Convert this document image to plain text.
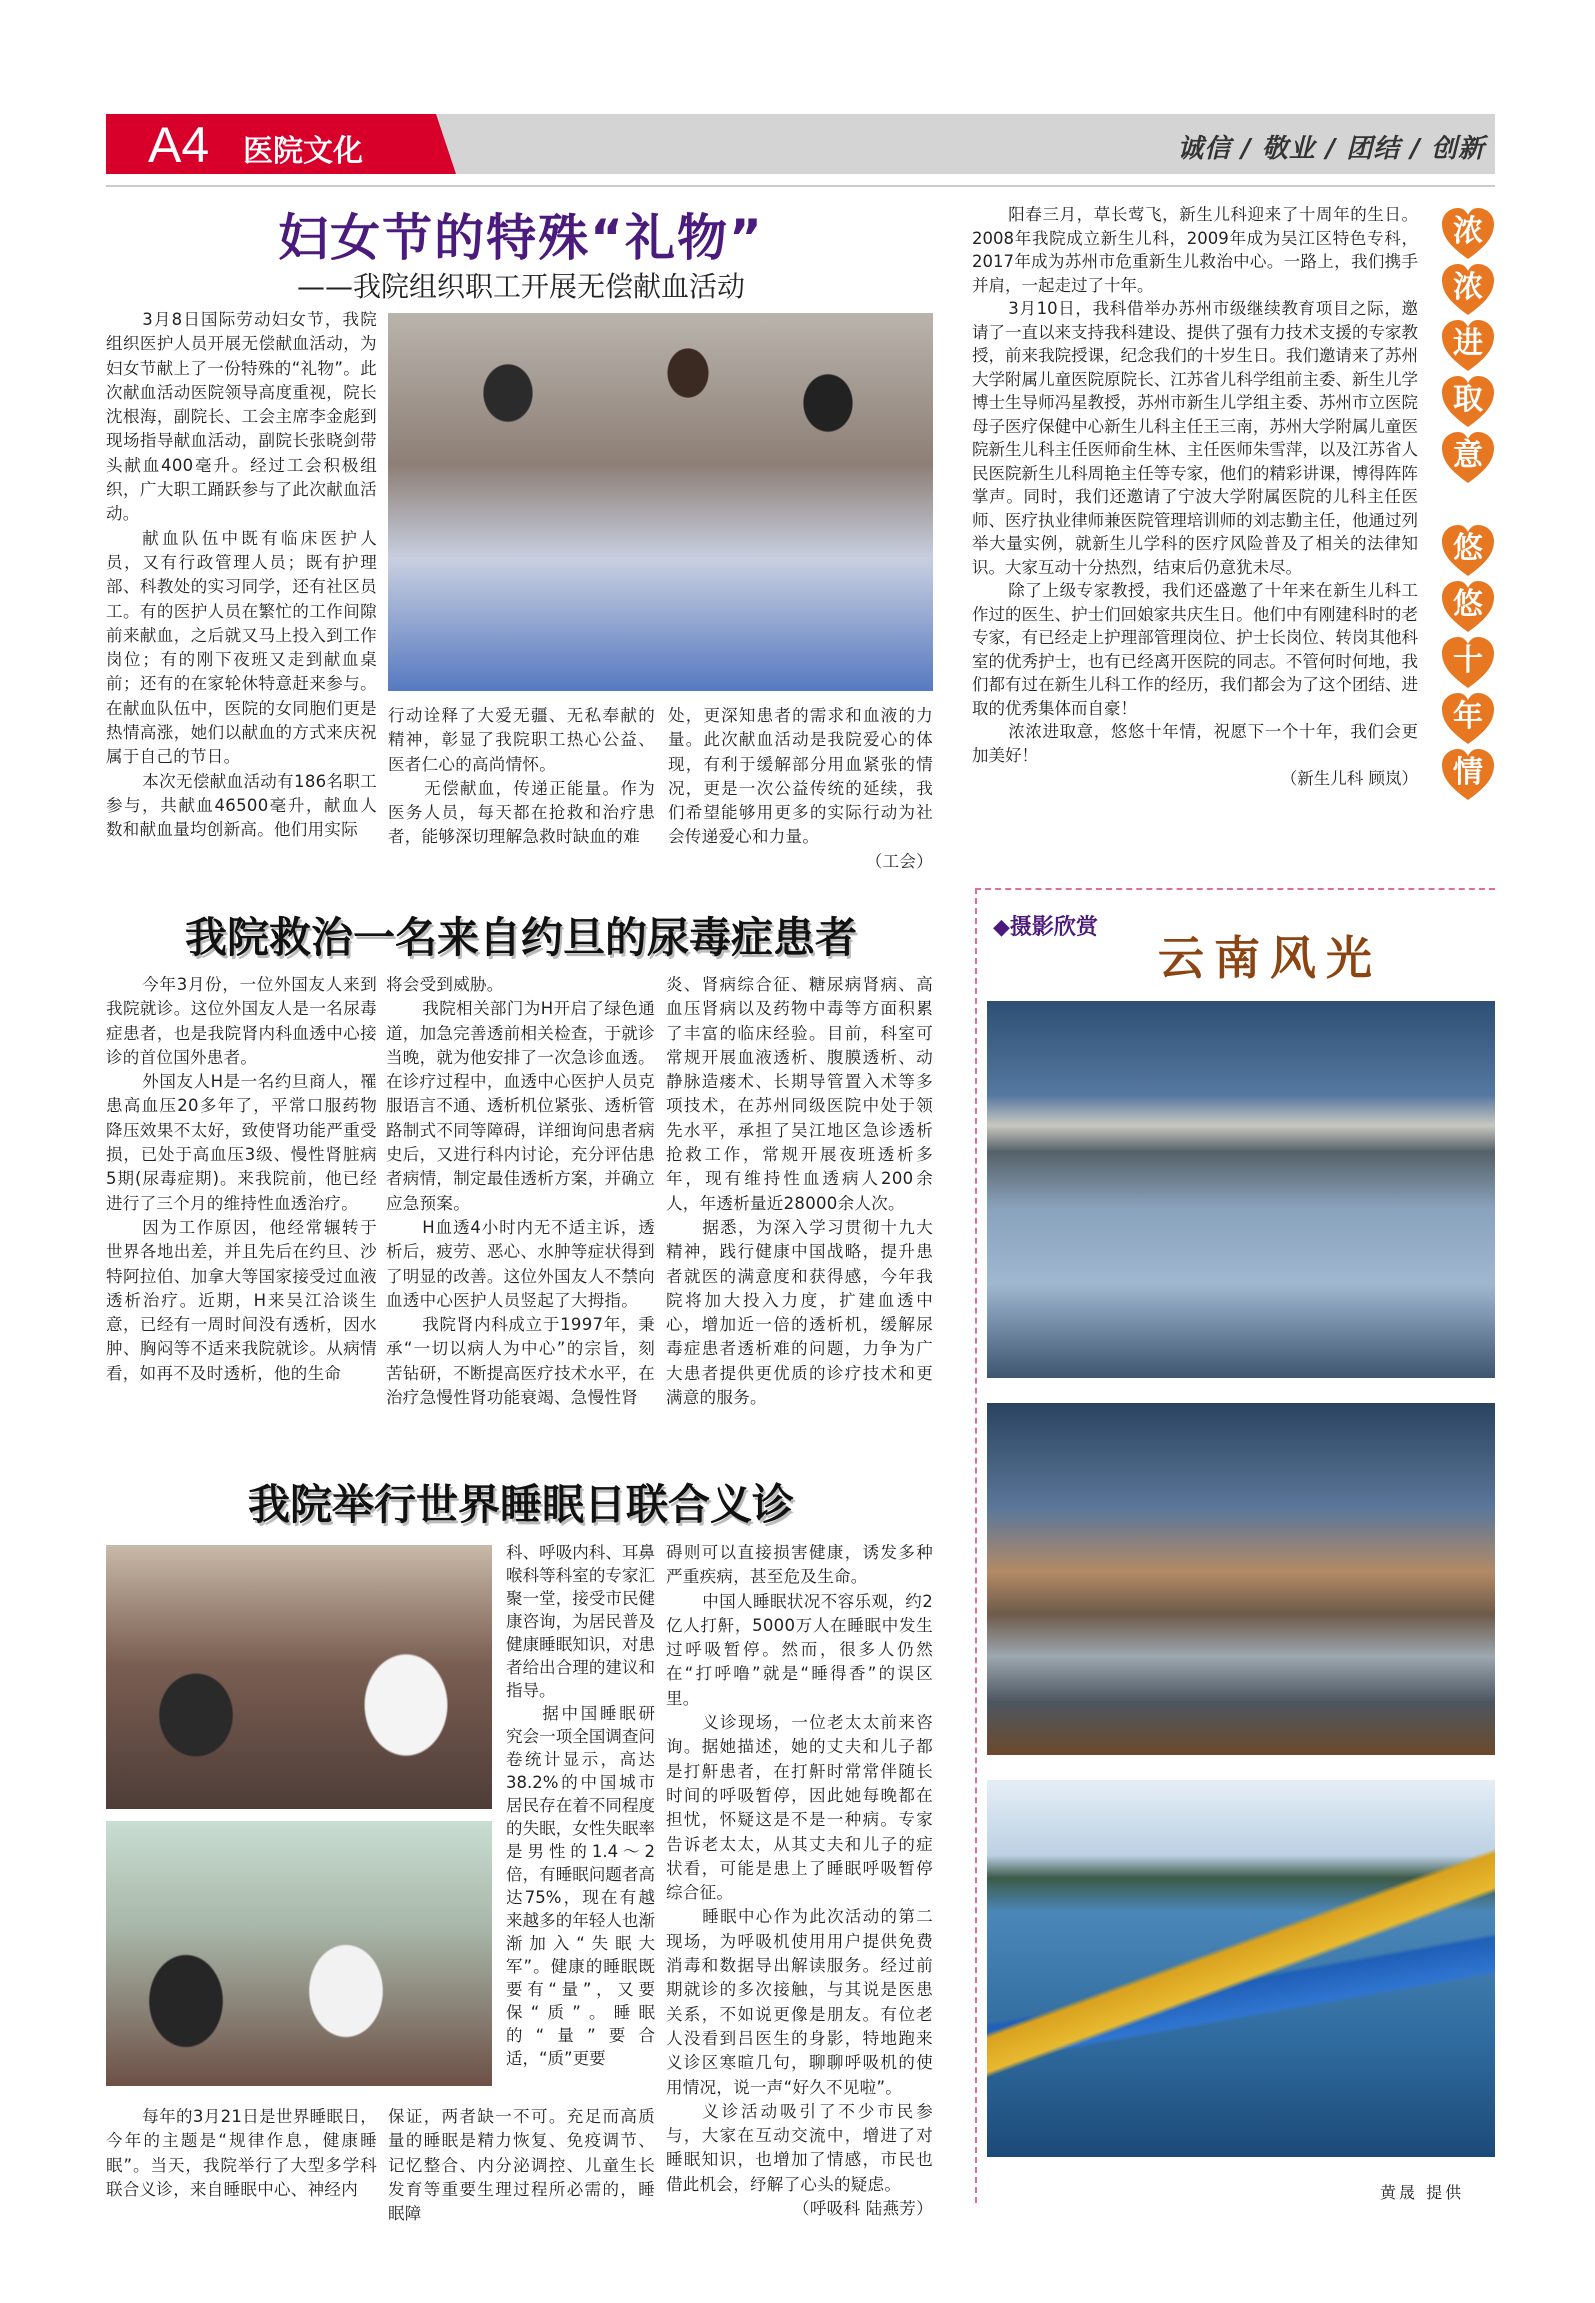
A4 医院文化	诚信 / 敬业 / 团结 / 创新
妇女节的特殊“礼物”
——我院组织职工开展无偿献血活动

3月8日国际劳动妇女节，我院组织医护人员开展无偿献血活动，为妇女节献上了一份特殊的“礼物”。此次献血活动医院领导高度重视，院长沈根海，副院长、工会主席李金彪到现场指导献血活动，副院长张晓剑带头献血400毫升。经过工会积极组织，广大职工踊跃参与了此次献血活动。

献血队伍中既有临床医护人员，又有行政管理人员；既有护理部、科教处的实习同学，还有社区员工。有的医护人员在繁忙的工作间隙前来献血，之后就又马上投入到工作岗位；有的刚下夜班又走到献血桌前；还有的在家轮休特意赶来参与。在献血队伍中，医院的女同胞们更是热情高涨，她们以献血的方式来庆祝属于自己的节日。

本次无偿献血活动有186名职工参与，共献血46500毫升，献血人数和献血量均创新高。他们用实际

行动诠释了大爱无疆、无私奉献的精神，彰显了我院职工热心公益、医者仁心的高尚情怀。

无偿献血，传递正能量。作为医务人员，每天都在抢救和治疗患者，能够深切理解急救时缺血的难

处，更深知患者的需求和血液的力量。此次献血活动是我院爱心的体现，有利于缓解部分用血紧张的情况，更是一次公益传统的延续，我们希望能够用更多的实际行动为社会传递爱心和力量。

（工会）

阳春三月，草长莺飞，新生儿科迎来了十周年的生日。2008年我院成立新生儿科，2009年成为吴江区特色专科，2017年成为苏州市危重新生儿救治中心。一路上，我们携手并肩，一起走过了十年。

3月10日，我科借举办苏州市级继续教育项目之际，邀请了一直以来支持我科建设、提供了强有力技术支援的专家教授，前来我院授课，纪念我们的十岁生日。我们邀请来了苏州大学附属儿童医院原院长、江苏省儿科学组前主委、新生儿学博士生导师冯星教授，苏州市新生儿学组主委、苏州市立医院母子医疗保健中心新生儿科主任王三南，苏州大学附属儿童医院新生儿科主任医师俞生林、主任医师朱雪萍，以及江苏省人民医院新生儿科周艳主任等专家，他们的精彩讲课，博得阵阵掌声。同时，我们还邀请了宁波大学附属医院的儿科主任医师、医疗执业律师兼医院管理培训师的刘志勤主任，他通过列举大量实例，就新生儿学科的医疗风险普及了相关的法律知识。大家互动十分热烈，结束后仍意犹未尽。

除了上级专家教授，我们还盛邀了十年来在新生儿科工作过的医生、护士们回娘家共庆生日。他们中有刚建科时的老专家，有已经走上护理部管理岗位、护士长岗位、转岗其他科室的优秀护士，也有已经离开医院的同志。不管何时何地，我们都有过在新生儿科工作的经历，我们都会为了这个团结、进取的优秀集体而自豪！

浓浓进取意，悠悠十年情，祝愿下一个十年，我们会更加美好！

（新生儿科 顾岚）

浓
浓
进
取
意
悠
悠
十
年
情
我院救治一名来自约旦的尿毒症患者

今年3月份，一位外国友人来到我院就诊。这位外国友人是一名尿毒症患者，也是我院肾内科血透中心接诊的首位国外患者。

外国友人H是一名约旦商人，罹患高血压20多年了，平常口服药物降压效果不太好，致使肾功能严重受损，已处于高血压3级、慢性肾脏病5期(尿毒症期)。来我院前，他已经进行了三个月的维持性血透治疗。

因为工作原因，他经常辗转于世界各地出差，并且先后在约旦、沙特阿拉伯、加拿大等国家接受过血液透析治疗。近期，H来吴江洽谈生意，已经有一周时间没有透析，因水肿、胸闷等不适来我院就诊。从病情看，如再不及时透析，他的生命

将会受到威胁。

我院相关部门为H开启了绿色通道，加急完善透前相关检查，于就诊当晚，就为他安排了一次急诊血透。在诊疗过程中，血透中心医护人员克服语言不通、透析机位紧张、透析管路制式不同等障碍，详细询问患者病史后，又进行科内讨论，充分评估患者病情，制定最佳透析方案，并确立应急预案。

H血透4小时内无不适主诉，透析后，疲劳、恶心、水肿等症状得到了明显的改善。这位外国友人不禁向血透中心医护人员竖起了大拇指。

我院肾内科成立于1997年，秉承“一切以病人为中心”的宗旨，刻苦钻研，不断提高医疗技术水平，在治疗急慢性肾功能衰竭、急慢性肾

炎、肾病综合征、糖尿病肾病、高血压肾病以及药物中毒等方面积累了丰富的临床经验。目前，科室可常规开展血液透析、腹膜透析、动静脉造瘘术、长期导管置入术等多项技术，在苏州同级医院中处于领先水平，承担了吴江地区急诊透析抢救工作，常规开展夜班透析多年，现有维持性血透病人200余人，年透析量近28000余人次。

据悉，为深入学习贯彻十九大精神，践行健康中国战略，提升患者就医的满意度和获得感，今年我院将加大投入力度，扩建血透中心，增加近一倍的透析机，缓解尿毒症患者透析难的问题，力争为广大患者提供更优质的诊疗技术和更满意的服务。

我院举行世界睡眠日联合义诊

科、呼吸内科、耳鼻喉科等科室的专家汇聚一堂，接受市民健康咨询，为居民普及健康睡眠知识，对患者给出合理的建议和指导。

据中国睡眠研究会一项全国调查问卷统计显示，高达38.2%的中国城市居民存在着不同程度的失眠，女性失眠率是男性的1.4～2倍，有睡眠问题者高达75%，现在有越来越多的年轻人也渐渐加入“失眠大军”。健康的睡眠既要有“量”，又要保“质”。睡眠的“量”要合适，“质”更要

每年的3月21日是世界睡眠日，今年的主题是“规律作息，健康睡眠”。当天，我院举行了大型多学科联合义诊，来自睡眠中心、神经内

保证，两者缺一不可。充足而高质量的睡眠是精力恢复、免疫调节、记忆整合、内分泌调控、儿童生长发育等重要生理过程所必需的，睡眠障

碍则可以直接损害健康，诱发多种严重疾病，甚至危及生命。

中国人睡眠状况不容乐观，约2亿人打鼾，5000万人在睡眠中发生过呼吸暂停。然而，很多人仍然在“打呼噜”就是“睡得香”的误区里。

义诊现场，一位老太太前来咨询。据她描述，她的丈夫和儿子都是打鼾患者，在打鼾时常常伴随长时间的呼吸暂停，因此她每晚都在担忧，怀疑这是不是一种病。专家告诉老太太，从其丈夫和儿子的症状看，可能是患上了睡眠呼吸暂停综合征。

睡眠中心作为此次活动的第二现场，为呼吸机使用用户提供免费消毒和数据导出解读服务。经过前期就诊的多次接触，与其说是医患关系，不如说更像是朋友。有位老人没看到吕医生的身影，特地跑来义诊区寒暄几句，聊聊呼吸机的使用情况，说一声“好久不见啦”。

义诊活动吸引了不少市民参与，大家在互动交流中，增进了对睡眠知识，也增加了情感，市民也借此机会，纾解了心头的疑虑。

（呼吸科 陆燕芳）

◆摄影欣赏
云南风光
黄晟 提供
